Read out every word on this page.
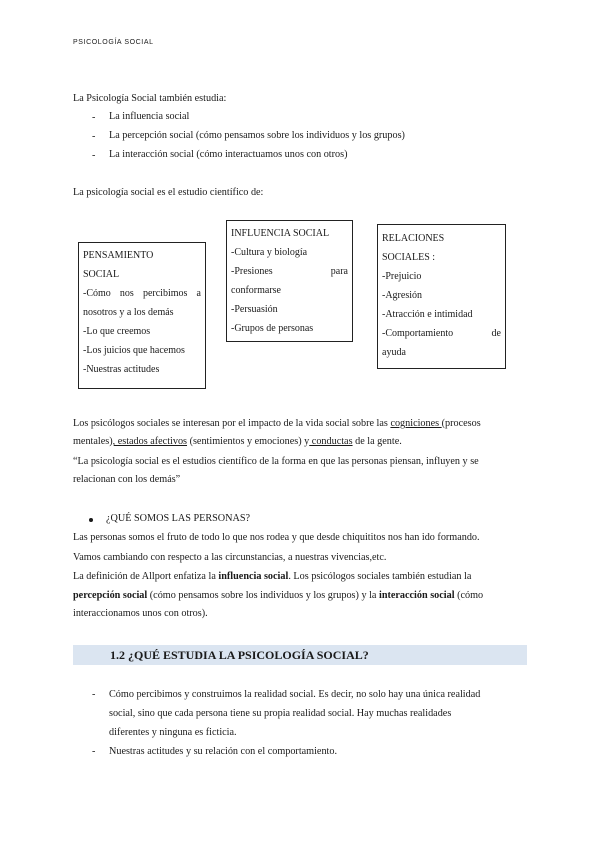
PSICOLOGÍA SOCIAL
La Psicología Social también estudia:
- La influencia social
- La percepción social (cómo pensamos sobre los individuos y los grupos)
- La interacción social (cómo interactuamos unos con otros)
La psicología social es el estudio científico de:
PENSAMIENTO
SOCIAL
-Cómo nos percibimos a
nosotros y a los demás
-Lo que creemos
-Los juicios que hacemos
-Nuestras actitudes
INFLUENCIA SOCIAL
-Cultura y biología
-Presiones	para
conformarse
-Persuasión
-Grupos de personas
RELACIONES
SOCIALES :
-Prejuicio
-Agresión
-Atracción e intimidad
-Comportamiento	de
ayuda
Los psicólogos sociales se interesan por el impacto de la vida social sobre las cogniciones (procesos
mentales), estados afectivos (sentimientos y emociones) y conductas de la gente.
“La psicología social es el estudios científico de la forma en que las personas piensan, influyen y se
relacionan con los demás”
¿QUÉ SOMOS LAS PERSONAS?
Las personas somos el fruto de todo lo que nos rodea y que desde chiquititos nos han ido formando.
Vamos cambiando con respecto a las circunstancias, a nuestras vivencias,etc.
La definición de Allport enfatiza la influencia social. Los psicólogos sociales también estudian la
percepción social (cómo pensamos sobre los individuos y los grupos) y la interacción social (cómo
interaccionamos unos con otros).
1.2 ¿QUÉ ESTUDIA LA PSICOLOGÍA SOCIAL?
- Cómo percibimos y construimos la realidad social. Es decir, no solo hay una única realidad
social, sino que cada persona tiene su propia realidad social. Hay muchas realidades
diferentes y ninguna es ficticia.
- Nuestras actitudes y su relación con el comportamiento.
